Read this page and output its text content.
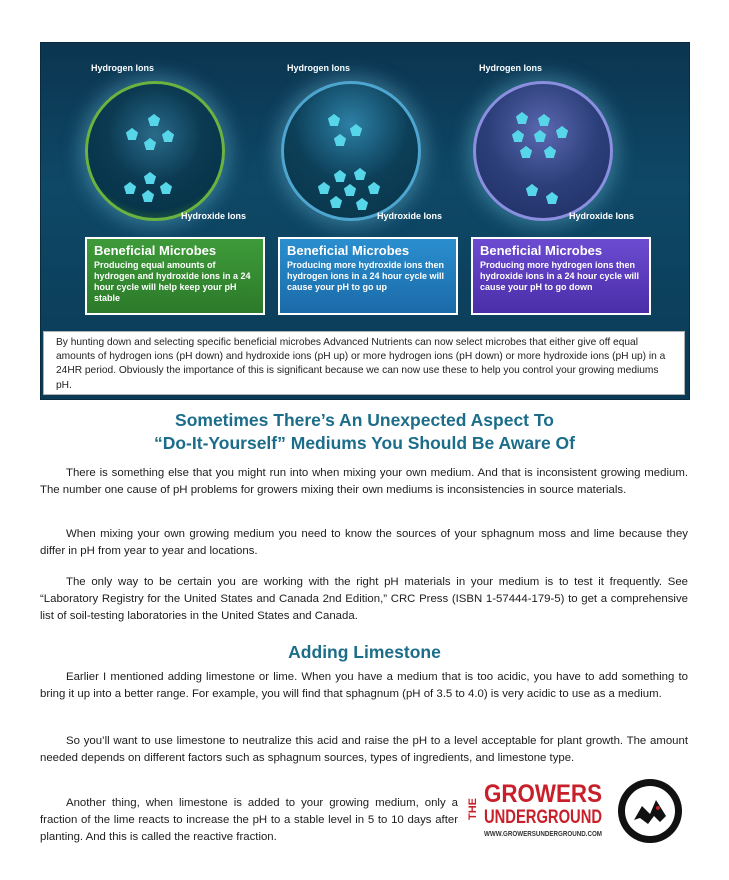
Hydrogen Ions
Hydroxide Ions
Hydrogen Ions
Hydroxide Ions
Hydrogen Ions
Hydroxide Ions
Beneficial Microbes
Producing equal amounts of hydrogen and hydroxide ions in a 24 hour cycle will help keep your pH stable
Beneficial Microbes
Producing more hydroxide ions then hydrogen ions in a 24 hour cycle will cause your pH to go up
Beneficial Microbes
Producing more hydrogen ions then hydroxide ions in a 24 hour cycle will cause your pH to go down
By hunting down and selecting specific beneficial microbes Advanced Nutrients can now select microbes that either give off equal amounts of hydrogen ions (pH down) and hydroxide ions (pH up) or more hydrogen ions (pH down) or more hydroxide ions (pH up) in a 24HR period. Obviously the importance of this is significant because we can now use these to help you control your growing mediums pH.
Sometimes There’s An Unexpected Aspect To
“Do-It-Yourself” Mediums You Should Be Aware Of

There is something else that you might run into when mixing your own medium. And that is inconsistent growing medium. The number one cause of pH problems for growers mixing their own mediums is inconsistencies in source materials.

When mixing your own growing medium you need to know the sources of your sphagnum moss and lime because they differ in pH from year to year and locations.

The only way to be certain you are working with the right pH materials in your medium is to test it frequently. See “Laboratory Registry for the United States and Canada 2nd Edition,” CRC Press (ISBN 1-57444-179-5) to get a comprehensive list of soil-testing laboratories in the United States and Canada.

Adding Limestone

Earlier I mentioned adding limestone or lime. When you have a medium that is too acidic, you have to add something to bring it up into a better range. For example, you will find that sphagnum (pH of 3.5 to 4.0) is very acidic to use as a medium.

So you’ll want to use limestone to neutralize this acid and raise the pH to a level acceptable for plant growth. The amount needed depends on different factors such as sphagnum sources, types of ingredients, and limestone type.

Another thing, when limestone is added to your growing medium, only a fraction of the lime reacts to increase the pH to a stable level in 5 to 10 days after planting. And this is called the reactive fraction.

THE
GROWERS
UNDERGROUND
WWW.GROWERSUNDERGROUND.COM
